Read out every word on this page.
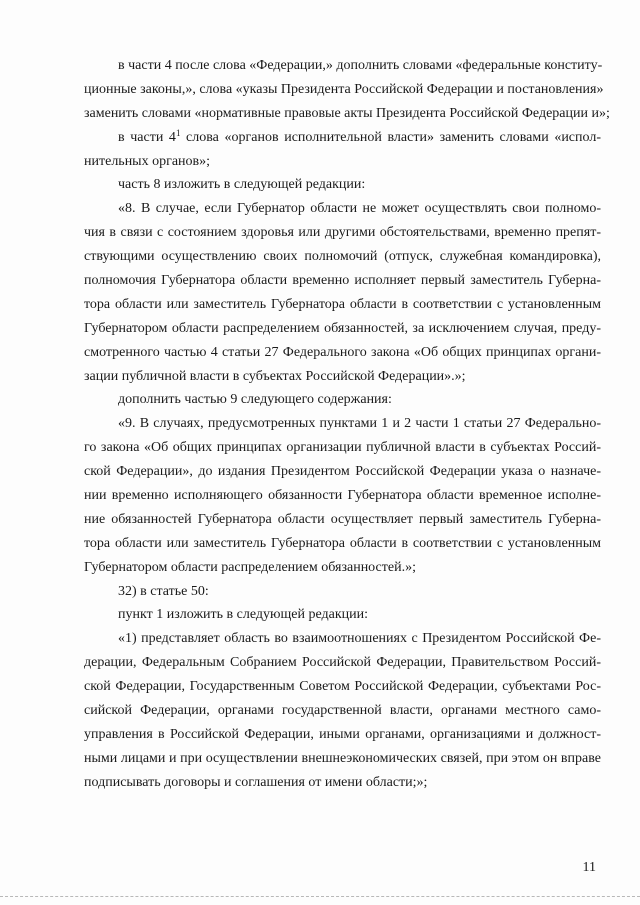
в части 4 после слова «Федерации,» дополнить словами «федеральные конститу-
ционные законы,», слова «указы Президента Российской Федерации и постановления»
заменить словами «нормативные правовые акты Президента Российской Федерации и»;

в части $4^1$ слова «органов исполнительной власти» заменить словами «испол-
нительных органов»;

часть 8 изложить в следующей редакции:

«8. В случае, если Губернатор области не может осуществлять свои полномо-
чия в связи с состоянием здоровья или другими обстоятельствами, временно препят-
ствующими осуществлению своих полномочий (отпуск, служебная командировка),
полномочия Губернатора области временно исполняет первый заместитель Губерна-
тора области или заместитель Губернатора области в соответствии с установленным
Губернатором области распределением обязанностей, за исключением случая, преду-
смотренного частью 4 статьи 27 Федерального закона «Об общих принципах органи-
зации публичной власти в субъектах Российской Федерации».»;

дополнить частью 9 следующего содержания:

«9. В случаях, предусмотренных пунктами 1 и 2 части 1 статьи 27 Федерально-
го закона «Об общих принципах организации публичной власти в субъектах Россий-
ской Федерации», до издания Президентом Российской Федерации указа о назначе-
нии временно исполняющего обязанности Губернатора области временное исполне-
ние обязанностей Губернатора области осуществляет первый заместитель Губерна-
тора области или заместитель Губернатора области в соответствии с установленным
Губернатором области распределением обязанностей.»;

32) в статье 50:

пункт 1 изложить в следующей редакции:

«1) представляет область во взаимоотношениях с Президентом Российской Фе-
дерации, Федеральным Собранием Российской Федерации, Правительством Россий-
ской Федерации, Государственным Советом Российской Федерации, субъектами Рос-
сийской Федерации, органами государственной власти, органами местного само-
управления в Российской Федерации, иными органами, организациями и должност-
ными лицами и при осуществлении внешнеэкономических связей, при этом он вправе
подписывать договоры и соглашения от имени области;»;

11
